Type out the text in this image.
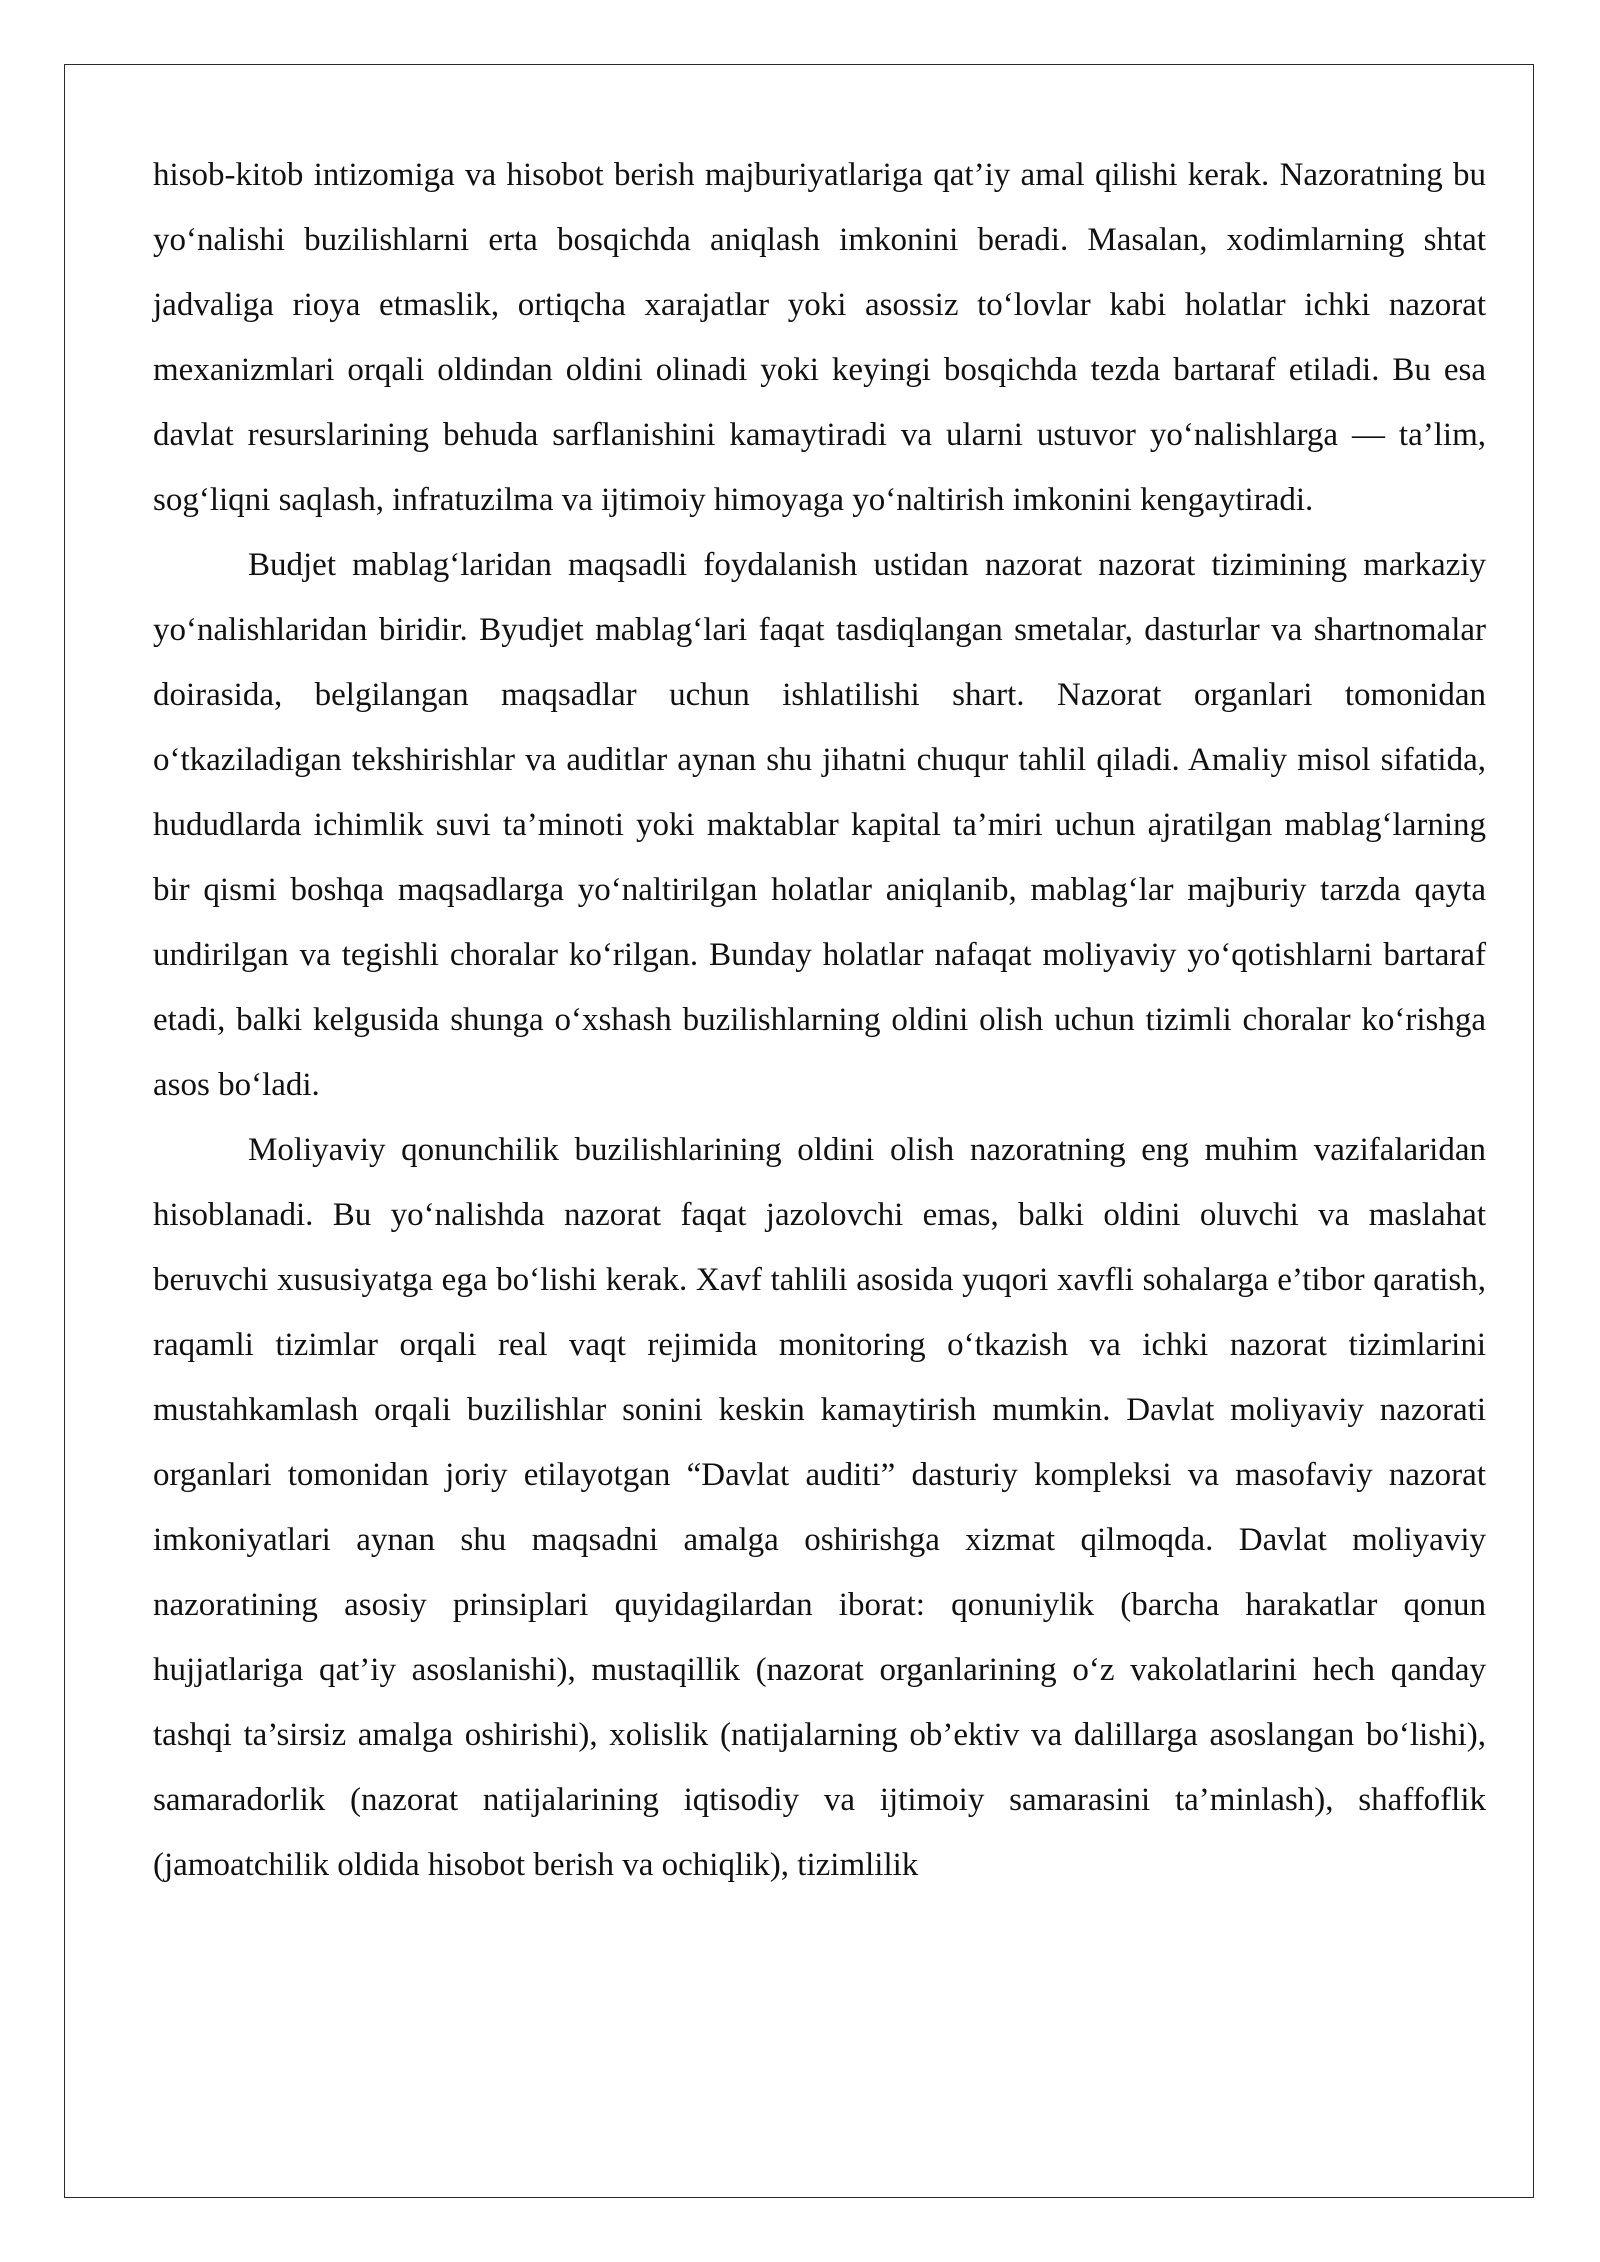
hisob-kitob intizomiga va hisobot berish majburiyatlariga qat’iy amal qilishi kerak. Nazoratning bu yo‘nalishi buzilishlarni erta bosqichda aniqlash imkonini beradi. Masalan, xodimlarning shtat jadvaliga rioya etmaslik, ortiqcha xarajatlar yoki asossiz to‘lovlar kabi holatlar ichki nazorat mexanizmlari orqali oldindan oldini olinadi yoki keyingi bosqichda tezda bartaraf etiladi. Bu esa davlat resurslarining behuda sarflanishini kamaytiradi va ularni ustuvor yo‘nalishlarga — ta’lim, sog‘liqni saqlash, infratuzilma va ijtimoiy himoyaga yo‘naltirish imkonini kengaytiradi.

Budjet mablag‘laridan maqsadli foydalanish ustidan nazorat nazorat tizimining markaziy yo‘nalishlaridan biridir. Byudjet mablag‘lari faqat tasdiqlangan smetalar, dasturlar va shartnomalar doirasida, belgilangan maqsadlar uchun ishlatilishi shart. Nazorat organlari tomonidan o‘tkaziladigan tekshirishlar va auditlar aynan shu jihatni chuqur tahlil qiladi. Amaliy misol sifatida, hududlarda ichimlik suvi ta’minoti yoki maktablar kapital ta’miri uchun ajratilgan mablag‘larning bir qismi boshqa maqsadlarga yo‘naltirilgan holatlar aniqlanib, mablag‘lar majburiy tarzda qayta undirilgan va tegishli choralar ko‘rilgan. Bunday holatlar nafaqat moliyaviy yo‘qotishlarni bartaraf etadi, balki kelgusida shunga o‘xshash buzilishlarning oldini olish uchun tizimli choralar ko‘rishga asos bo‘ladi.

Moliyaviy qonunchilik buzilishlarining oldini olish nazoratning eng muhim vazifalaridan hisoblanadi. Bu yo‘nalishda nazorat faqat jazolovchi emas, balki oldini oluvchi va maslahat beruvchi xususiyatga ega bo‘lishi kerak. Xavf tahlili asosida yuqori xavfli sohalarga e’tibor qaratish, raqamli tizimlar orqali real vaqt rejimida monitoring o‘tkazish va ichki nazorat tizimlarini mustahkamlash orqali buzilishlar sonini keskin kamaytirish mumkin. Davlat moliyaviy nazorati organlari tomonidan joriy etilayotgan “Davlat auditi” dasturiy kompleksi va masofaviy nazorat imkoniyatlari aynan shu maqsadni amalga oshirishga xizmat qilmoqda. Davlat moliyaviy nazoratining asosiy prinsiplari quyidagilardan iborat: qonuniylik (barcha harakatlar qonun hujjatlariga qat’iy asoslanishi), mustaqillik (nazorat organlarining o‘z vakolatlarini hech qanday tashqi ta’sirsiz amalga oshirishi), xolislik (natijalarning ob’ektiv va dalillarga asoslangan bo‘lishi), samaradorlik (nazorat natijalarining iqtisodiy va ijtimoiy samarasini ta’minlash), shaffoflik (jamoatchilik oldida hisobot berish va ochiqlik), tizimlilik
